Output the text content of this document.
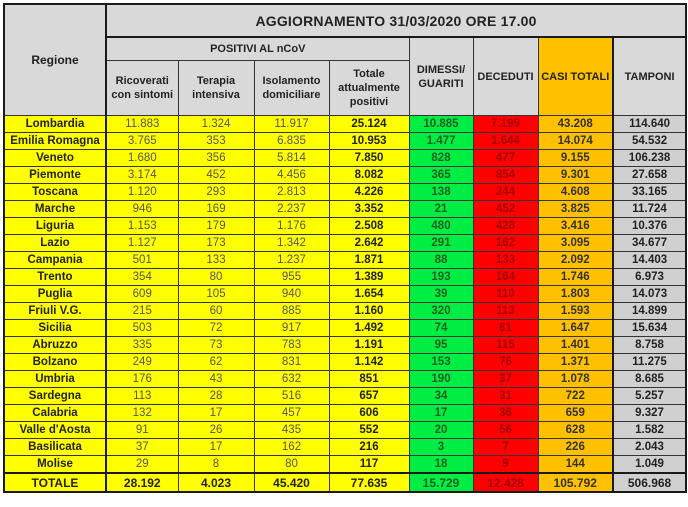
Regione	AGGIORNAMENTO 31/03/2020 ORE 17.00							
	POSITIVI AL nCoV				DIMESSI/ GUARITI	DECEDUTI	CASI TOTALI	TAMPONI
	Ricoverati con sintomi	Terapia intensiva	Isolamento domiciliare	Totale attualmente positivi				
Lombardia	11.883	1.324	11.917	25.124	10.885	7.199	43.208	114.640
Emilia Romagna	3.765	353	6.835	10.953	1.477	1.644	14.074	54.532
Veneto	1.680	356	5.814	7.850	828	477	9.155	106.238
Piemonte	3.174	452	4.456	8.082	365	854	9.301	27.658
Toscana	1.120	293	2.813	4.226	138	244	4.608	33.165
Marche	946	169	2.237	3.352	21	452	3.825	11.724
Liguria	1.153	179	1.176	2.508	480	428	3.416	10.376
Lazio	1.127	173	1.342	2.642	291	162	3.095	34.677
Campania	501	133	1.237	1.871	88	133	2.092	14.403
Trento	354	80	955	1.389	193	164	1.746	6.973
Puglia	609	105	940	1.654	39	110	1.803	14.073
Friuli V.G.	215	60	885	1.160	320	113	1.593	14.899
Sicilia	503	72	917	1.492	74	81	1.647	15.634
Abruzzo	335	73	783	1.191	95	115	1.401	8.758
Bolzano	249	62	831	1.142	153	76	1.371	11.275
Umbria	176	43	632	851	190	37	1.078	8.685
Sardegna	113	28	516	657	34	31	722	5.257
Calabria	132	17	457	606	17	36	659	9.327
Valle d'Aosta	91	26	435	552	20	56	628	1.582
Basilicata	37	17	162	216	3	7	226	2.043
Molise	29	8	80	117	18	9	144	1.049
TOTALE	28.192	4.023	45.420	77.635	15.729	12.428	105.792	506.968
